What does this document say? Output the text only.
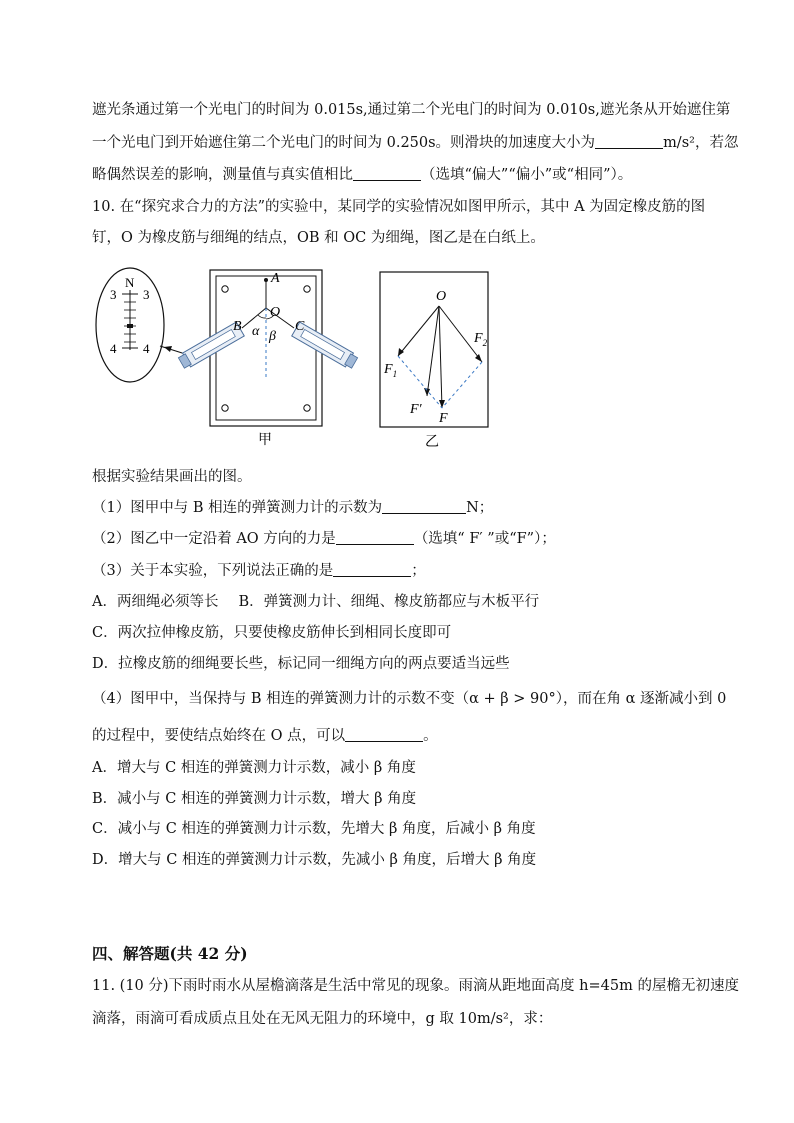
遮光条通过第一个光电门的时间为 0.015s,通过第二个光电门的时间为 0.010s,遮光条从开始遮住第
一个光电门到开始遮住第二个光电门的时间为 0.250s。则滑块的加速度大小为	m/s²，若忽
略偶然误差的影响，测量值与真实值相比	（选填“偏大”“偏小”或“相同”）。
10. 在“探究求合力的方法”的实验中，某同学的实验情况如图甲所示，其中 A 为固定橡皮筋的图
钉，O 为橡皮筋与细绳的结点，OB 和 OC 为细绳，图乙是在白纸上。
N
3 3
4 4
A
O
B	C
α β
甲
O
$F_1$
$F_2$
F′
F
乙
根据实验结果画出的图。
（1）图甲中与 B 相连的弹簧测力计的示数为	N；
（2）图乙中一定沿着 AO 方向的力是	（选填“ F′ ”或“F”）；
（3）关于本实验，下列说法正确的是	；
A．两细绳必须等长 B．弹簧测力计、细绳、橡皮筋都应与木板平行
C．两次拉伸橡皮筋，只要使橡皮筋伸长到相同长度即可
D．拉橡皮筋的细绳要长些，标记同一细绳方向的两点要适当远些
（4）图甲中，当保持与 B 相连的弹簧测力计的示数不变（α + β > 90°），而在角 α 逐渐减小到 0
的过程中，要使结点始终在 O 点，可以	。
A．增大与 C 相连的弹簧测力计示数，减小 β 角度
B．减小与 C 相连的弹簧测力计示数，增大 β 角度
C．减小与 C 相连的弹簧测力计示数，先增大 β 角度，后减小 β 角度
D．增大与 C 相连的弹簧测力计示数，先减小 β 角度，后增大 β 角度
四、解答题(共 42 分)
11. (10 分)下雨时雨水从屋檐滴落是生活中常见的现象。雨滴从距地面高度 h=45m 的屋檐无初速度
滴落，雨滴可看成质点且处在无风无阻力的环境中，g 取 10m/s²，求：
